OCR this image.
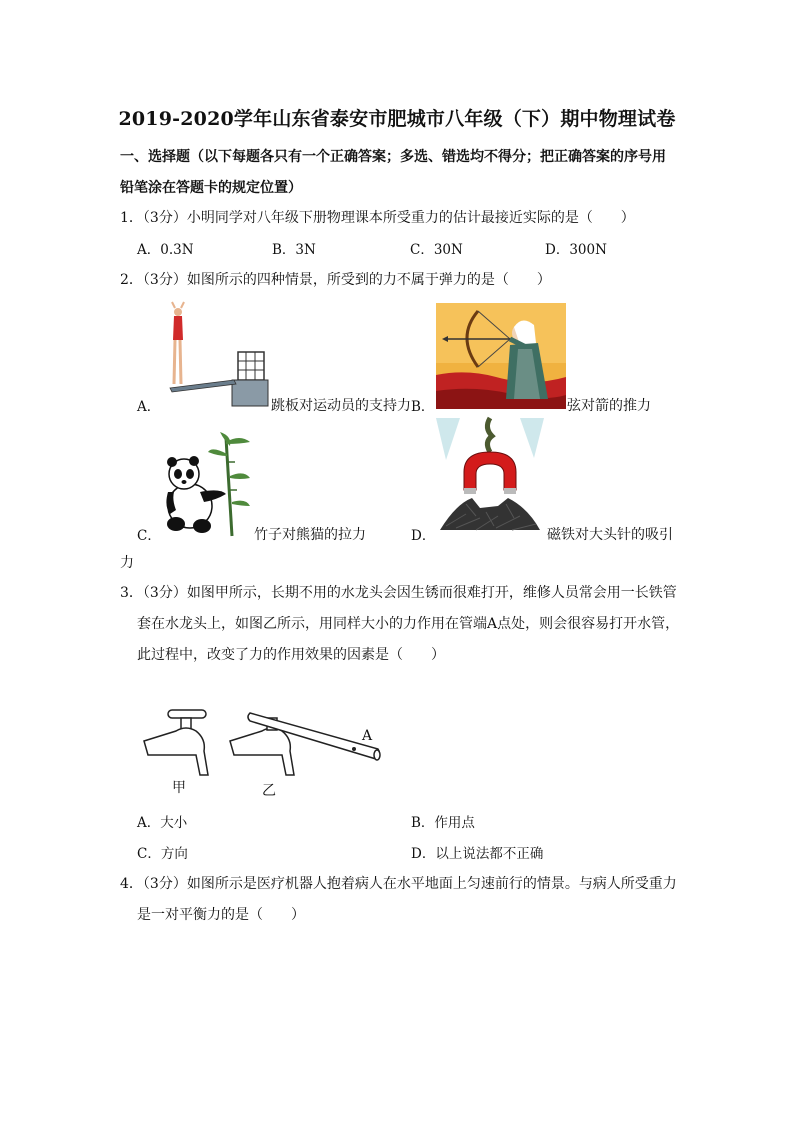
2019-2020学年山东省泰安市肥城市八年级（下）期中物理试卷
一、选择题（以下每题各只有一个正确答案；多选、错选均不得分；把正确答案的序号用
铅笔涂在答题卡的规定位置）
1．（3分）小明同学对八年级下册物理课本所受重力的估计最接近实际的是（　　）
A．0.3N	B．3N	C．30N	D．300N
2．（3分）如图所示的四种情景，所受到的力不属于弹力的是（　　）
A．	跳板对运动员的支持力 B．	弦对箭的推力
C．	竹子对熊猫的拉力	D．	磁铁对大头针的吸引
力
3．（3分）如图甲所示，长期不用的水龙头会因生锈而很难打开，维修人员常会用一长铁管
套在水龙头上，如图乙所示，用同样大小的力作用在管端A点处，则会很容易打开水管，
此过程中，改变了力的作用效果的因素是（　　）
A
甲	乙
A．大小	B．作用点
C．方向	D．以上说法都不正确
4．（3分）如图所示是医疗机器人抱着病人在水平地面上匀速前行的情景。与病人所受重力
是一对平衡力的是（　　）
